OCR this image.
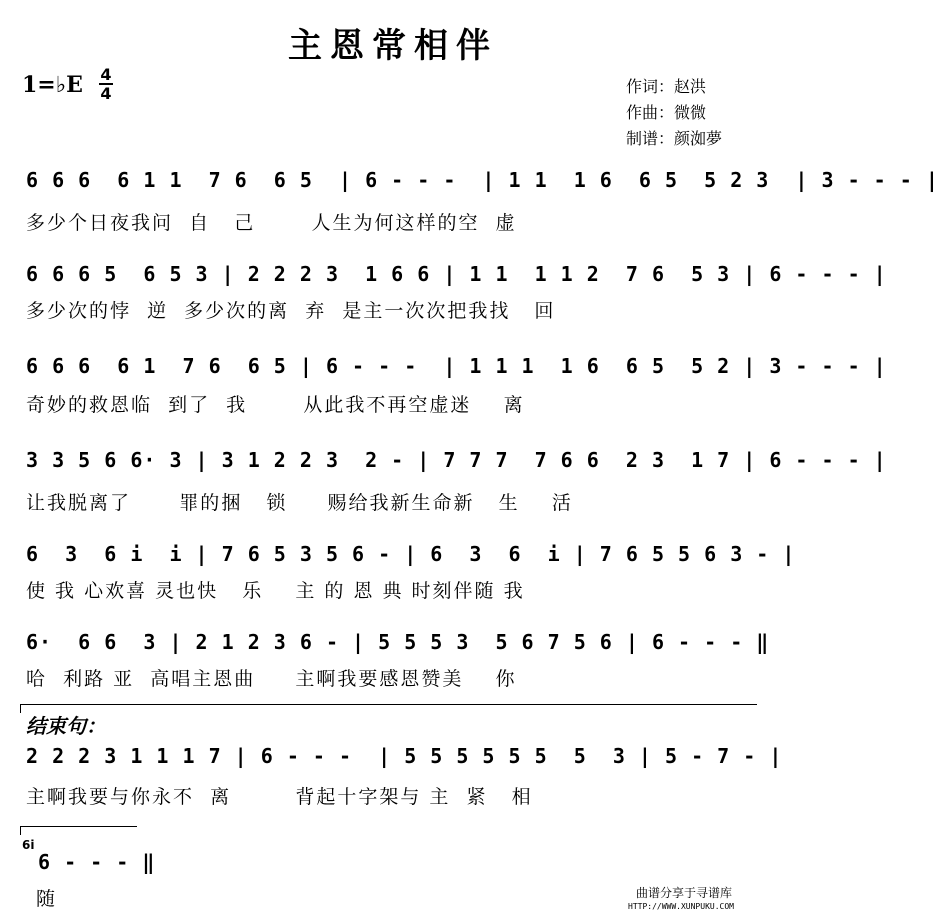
主恩常相伴
1=♭E 4
4	作词：赵洪
作曲：微微
制谱：颜洳夢
6 6 6  6 1 1  7 6  6 5  | 6 - - -  | 1 1  1 6  6 5  5 2 3  | 3 - - - |
多少个日夜我问  自   己       人生为何这样的空  虚
6 6 6 5  6 5 3 | 2 2 2 3  1 6 6 | 1 1  1 1 2  7 6  5 3 | 6 - - - |
多少次的悖  逆  多少次的离  弃  是主一次次把我找   回
6 6 6  6 1  7 6  6 5 | 6 - - -  | 1 1 1  1 6  6 5  5 2 | 3 - - - |
奇妙的救恩临  到了  我       从此我不再空虚迷    离
3 3 5 6 6· 3 | 3 1 2 2 3  2 - | 7 7 7  7 6 6  2 3  1 7 | 6 - - - |
让我脱离了      罪的捆   锁     赐给我新生命新   生    活
6  3  6 i  i | 7 6 5 3 5 6 - | 6  3  6  i | 7 6 5 5 6 3 - |
使 我 心欢喜 灵也快   乐    主 的 恩 典 时刻伴随 我
6·  6 6  3 | 2 1 2 3 6 - | 5 5 5 3  5 6 7 5 6 | 6 - - - ‖
哈  利路 亚  高唱主恩曲     主啊我要感恩赞美    你
结束句：
2 2 2 3 1 1 1 7 | 6 - - -  | 5 5 5 5 5 5  5  3 | 5 - 7 - |
主啊我要与你永不  离        背起十字架与 主  紧   相
6i
6 - - - ‖
随	曲谱分享于寻谱库
HTTP://WWW.XUNPUKU.COM
